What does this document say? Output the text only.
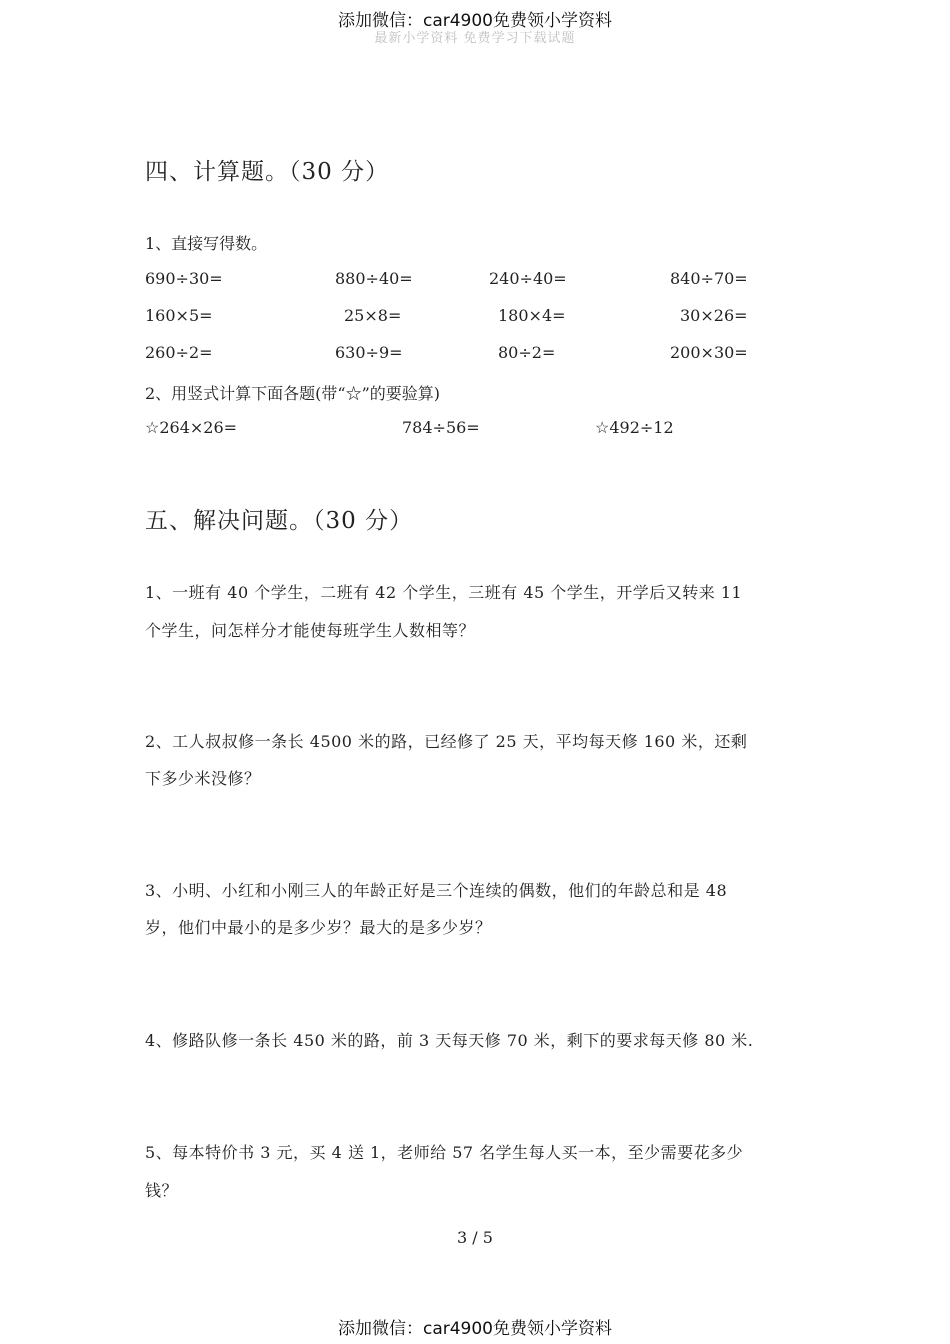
添加微信：car4900免费领小学资料
最新小学资料 免费学习下载试题
四、计算题。（30 分）
1、直接写得数。
690÷30=	880÷40=	240÷40=	840÷70=
160×5=	25×8=	180×4=	30×26=
260÷2=	630÷9=	80÷2=	200×30=
2、用竖式计算下面各题(带“☆”的要验算)
☆264×26=	784÷56=	☆492÷12
五、解决问题。（30 分）
1、一班有 40 个学生，二班有 42 个学生，三班有 45 个学生，开学后又转来 11
个学生，问怎样分才能使每班学生人数相等？
2、工人叔叔修一条长 4500 米的路，已经修了 25 天，平均每天修 160 米，还剩
下多少米没修？
3、小明、小红和小刚三人的年龄正好是三个连续的偶数，他们的年龄总和是 48
岁，他们中最小的是多少岁？最大的是多少岁？
4、修路队修一条长 450 米的路，前 3 天每天修 70 米，剩下的要求每天修 80 米.
5、每本特价书 3 元，买 4 送 1，老师给 57 名学生每人买一本，至少需要花多少
钱？
3 / 5
添加微信：car4900免费领小学资料
